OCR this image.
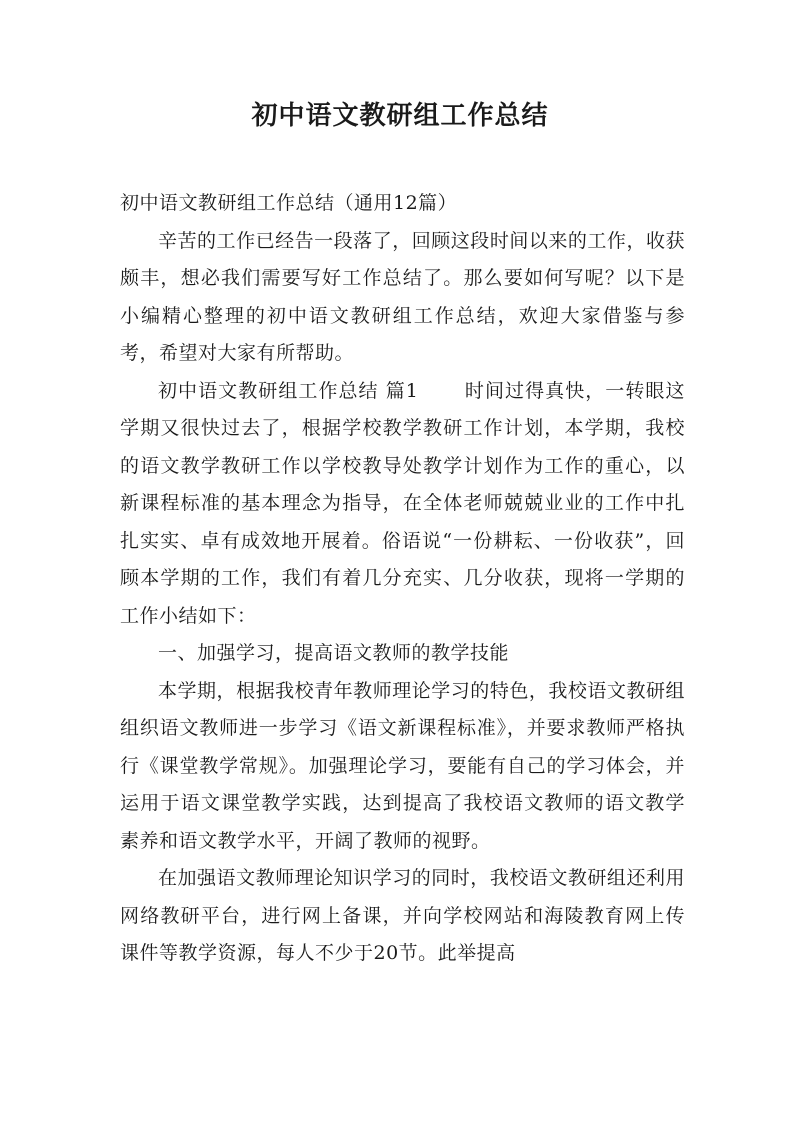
初中语文教研组工作总结

初中语文教研组工作总结（通用12篇）

辛苦的工作已经告一段落了，回顾这段时间以来的工作，收获颇丰，想必我们需要写好工作总结了。那么要如何写呢？以下是小编精心整理的初中语文教研组工作总结，欢迎大家借鉴与参考，希望对大家有所帮助。

初中语文教研组工作总结 篇1 时间过得真快，一转眼这学期又很快过去了，根据学校教学教研工作计划，本学期，我校的语文教学教研工作以学校教导处教学计划作为工作的重心，以新课程标准的基本理念为指导，在全体老师兢兢业业的工作中扎扎实实、卓有成效地开展着。俗语说“一份耕耘、一份收获”，回顾本学期的工作，我们有着几分充实、几分收获，现将一学期的工作小结如下：

一、加强学习，提高语文教师的教学技能

本学期，根据我校青年教师理论学习的特色，我校语文教研组组织语文教师进一步学习《语文新课程标准》，并要求教师严格执行《课堂教学常规》。加强理论学习，要能有自己的学习体会，并运用于语文课堂教学实践，达到提高了我校语文教师的语文教学素养和语文教学水平，开阔了教师的视野。

在加强语文教师理论知识学习的同时，我校语文教研组还利用网络教研平台，进行网上备课，并向学校网站和海陵教育网上传课件等教学资源，每人不少于20节。此举提高
